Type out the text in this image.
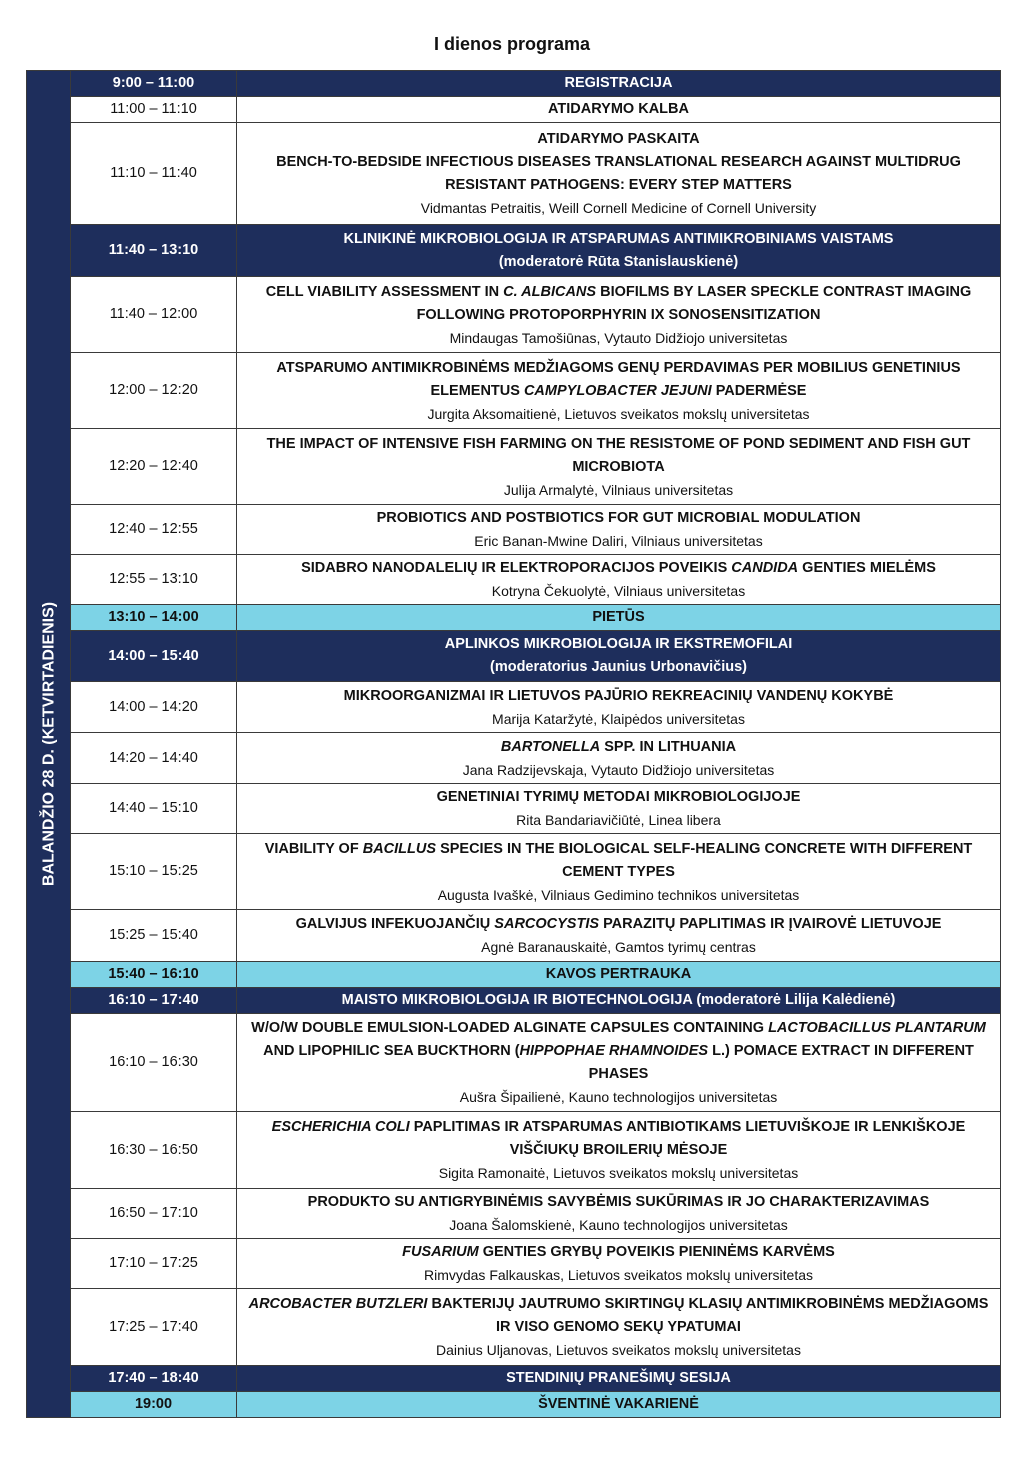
I dienos programa
BALANDŽIO 28 D. (KETVIRTADIENIS)	9:00 – 11:00	REGISTRACIJA

	11:00 – 11:10	ATIDARYMO KALBA

	11:10 – 11:40	ATIDARYMO PASKAITA
BENCH-TO-BEDSIDE INFECTIOUS DISEASES TRANSLATIONAL RESEARCH AGAINST MULTIDRUG RESISTANT PATHOGENS: EVERY STEP MATTERS
Vidmantas Petraitis, Weill Cornell Medicine of Cornell University

	11:40 – 13:10	KLINIKINĖ MIKROBIOLOGIJA IR ATSPARUMAS ANTIMIKROBINIAMS VAISTAMS
(moderatorė Rūta Stanislauskienė)

	11:40 – 12:00	CELL VIABILITY ASSESSMENT IN C. ALBICANS BIOFILMS BY LASER SPECKLE CONTRAST IMAGING FOLLOWING PROTOPORPHYRIN IX SONOSENSITIZATION
Mindaugas Tamošiūnas, Vytauto Didžiojo universitetas

	12:00 – 12:20	ATSPARUMO ANTIMIKROBINĖMS MEDŽIAGOMS GENŲ PERDAVIMAS PER MOBILIUS GENETINIUS ELEMENTUS CAMPYLOBACTER JEJUNI PADERMĖSE
Jurgita Aksomaitienė, Lietuvos sveikatos mokslų universitetas

	12:20 – 12:40	THE IMPACT OF INTENSIVE FISH FARMING ON THE RESISTOME OF POND SEDIMENT AND FISH GUT MICROBIOTA
Julija Armalytė, Vilniaus universitetas

	12:40 – 12:55	PROBIOTICS AND POSTBIOTICS FOR GUT MICROBIAL MODULATION
Eric Banan-Mwine Daliri, Vilniaus universitetas

	12:55 – 13:10	SIDABRO NANODALELIŲ IR ELEKTROPORACIJOS POVEIKIS CANDIDA GENTIES MIELĖMS
Kotryna Čekuolytė, Vilniaus universitetas

	13:10 – 14:00	PIETŪS

	14:00 – 15:40	APLINKOS MIKROBIOLOGIJA IR EKSTREMOFILAI
(moderatorius Jaunius Urbonavičius)

	14:00 – 14:20	MIKROORGANIZMAI IR LIETUVOS PAJŪRIO REKREACINIŲ VANDENŲ KOKYBĖ
Marija Kataržytė, Klaipėdos universitetas

	14:20 – 14:40	BARTONELLA SPP. IN LITHUANIA
Jana Radzijevskaja, Vytauto Didžiojo universitetas

	14:40 – 15:10	GENETINIAI TYRIMŲ METODAI MIKROBIOLOGIJOJE
Rita Bandariavičiūtė, Linea libera

	15:10 – 15:25	VIABILITY OF BACILLUS SPECIES IN THE BIOLOGICAL SELF-HEALING CONCRETE WITH DIFFERENT CEMENT TYPES
Augusta Ivaškė, Vilniaus Gedimino technikos universitetas

	15:25 – 15:40	GALVIJUS INFEKUOJANČIŲ SARCOCYSTIS PARAZITŲ PAPLITIMAS IR ĮVAIROVĖ LIETUVOJE
Agnė Baranauskaitė, Gamtos tyrimų centras

	15:40 – 16:10	KAVOS PERTRAUKA

	16:10 – 17:40	MAISTO MIKROBIOLOGIJA IR BIOTECHNOLOGIJA (moderatorė Lilija Kalėdienė)

	16:10 – 16:30	W/O/W DOUBLE EMULSION-LOADED ALGINATE CAPSULES CONTAINING LACTOBACILLUS PLANTARUM AND LIPOPHILIC SEA BUCKTHORN (HIPPOPHAE RHAMNOIDES L.) POMACE EXTRACT IN DIFFERENT PHASES
Aušra Šipailienė, Kauno technologijos universitetas

	16:30 – 16:50	ESCHERICHIA COLI PAPLITIMAS IR ATSPARUMAS ANTIBIOTIKAMS LIETUVIŠKOJE IR LENKIŠKOJE VIŠČIUKŲ BROILERIŲ MĖSOJE
Sigita Ramonaitė, Lietuvos sveikatos mokslų universitetas

	16:50 – 17:10	PRODUKTO SU ANTIGRYBINĖMIS SAVYBĖMIS SUKŪRIMAS IR JO CHARAKTERIZAVIMAS
Joana Šalomskienė, Kauno technologijos universitetas

	17:10 – 17:25	FUSARIUM GENTIES GRYBŲ POVEIKIS PIENINĖMS KARVĖMS
Rimvydas Falkauskas, Lietuvos sveikatos mokslų universitetas

	17:25 – 17:40	ARCOBACTER BUTZLERI BAKTERIJŲ JAUTRUMO SKIRTINGŲ KLASIŲ ANTIMIKROBINĖMS MEDŽIAGOMS IR VISO GENOMO SEKŲ YPATUMAI
Dainius Uljanovas, Lietuvos sveikatos mokslų universitetas

	17:40 – 18:40	STENDINIŲ PRANEŠIMŲ SESIJA

	19:00	ŠVENTINĖ VAKARIENĖ
